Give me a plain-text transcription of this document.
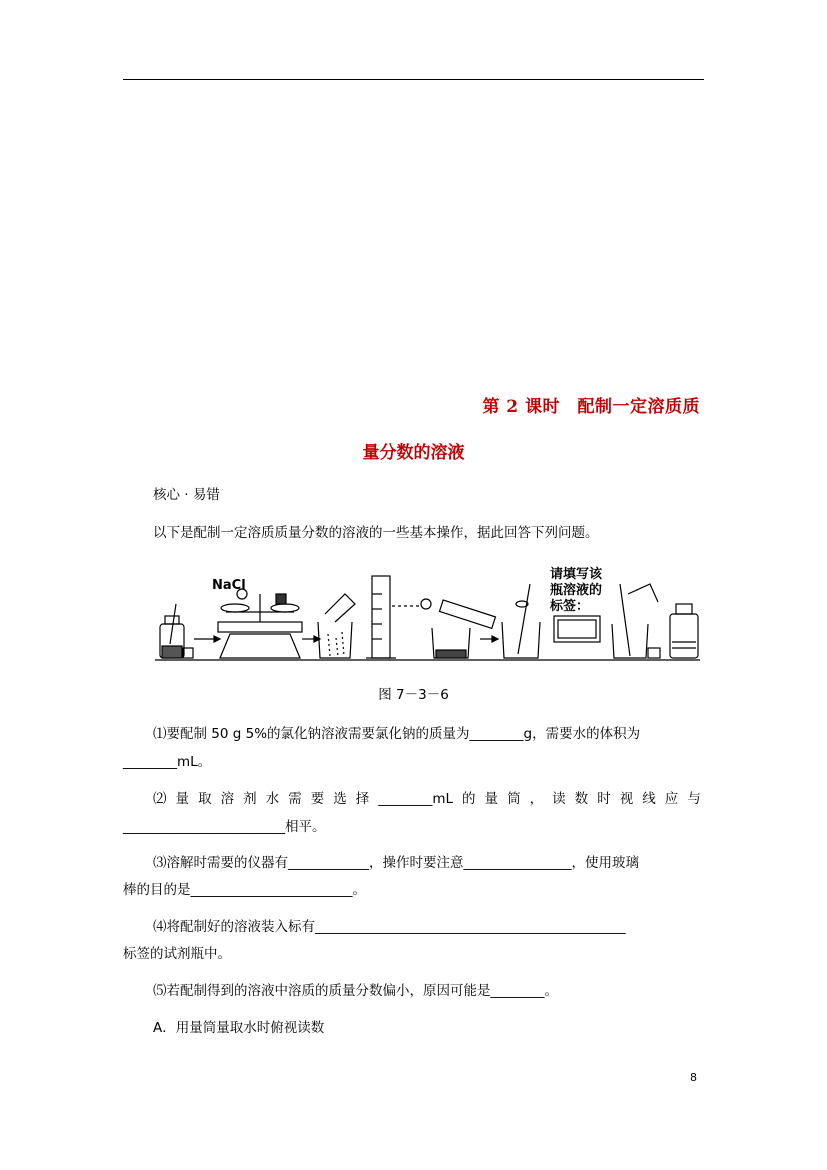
第 2 课时　配制一定溶质质
量分数的溶液
核心 · 易错
以下是配制一定溶质质量分数的溶液的一些基本操作，据此回答下列问题。
NaCl
请填写该
瓶溶液的
标签：
图 7－3－6
⑴要配制 50 g 5%的氯化钠溶液需要氯化钠的质量为________g，需要水的体积为
________mL。
⑵ 量 取 溶 剂 水 需 要 选 择 ________mL 的 量 筒 ， 读 数 时 视 线 应 与
________________________相平。
⑶溶解时需要的仪器有____________，操作时要注意________________，使用玻璃
棒的目的是________________________。
⑷将配制好的溶液装入标有______________________________________________
标签的试剂瓶中。
⑸若配制得到的溶液中溶质的质量分数偏小，原因可能是________。
A．用量筒量取水时俯视读数
8
